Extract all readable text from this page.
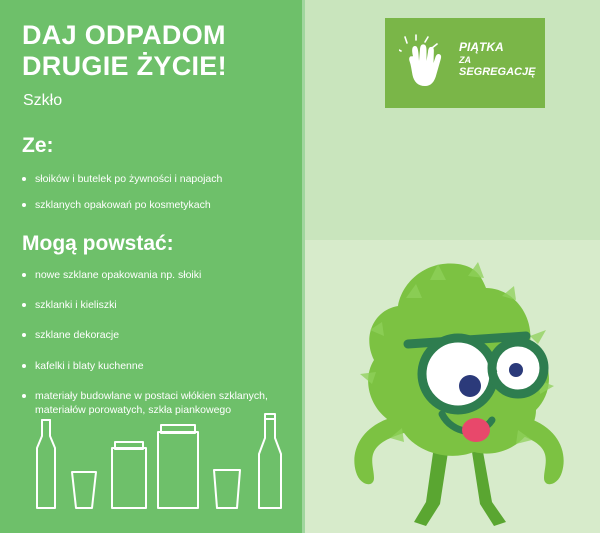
DAJ ODPADOM
DRUGIE ŻYCIE!
Szkło
Ze:
słoików i butelek po żywności i napojach
szklanych opakowań po kosmetykach
Mogą powstać:
nowe szklane opakowania np. słoiki
szklanki i kieliszki
szklane dekoracje
kafelki i blaty kuchenne
materiały budowlane w postaci włókien szklanych, materiałów porowatych, szkła piankowego
PIĄTKA
ZA
SEGREGACJĘ
